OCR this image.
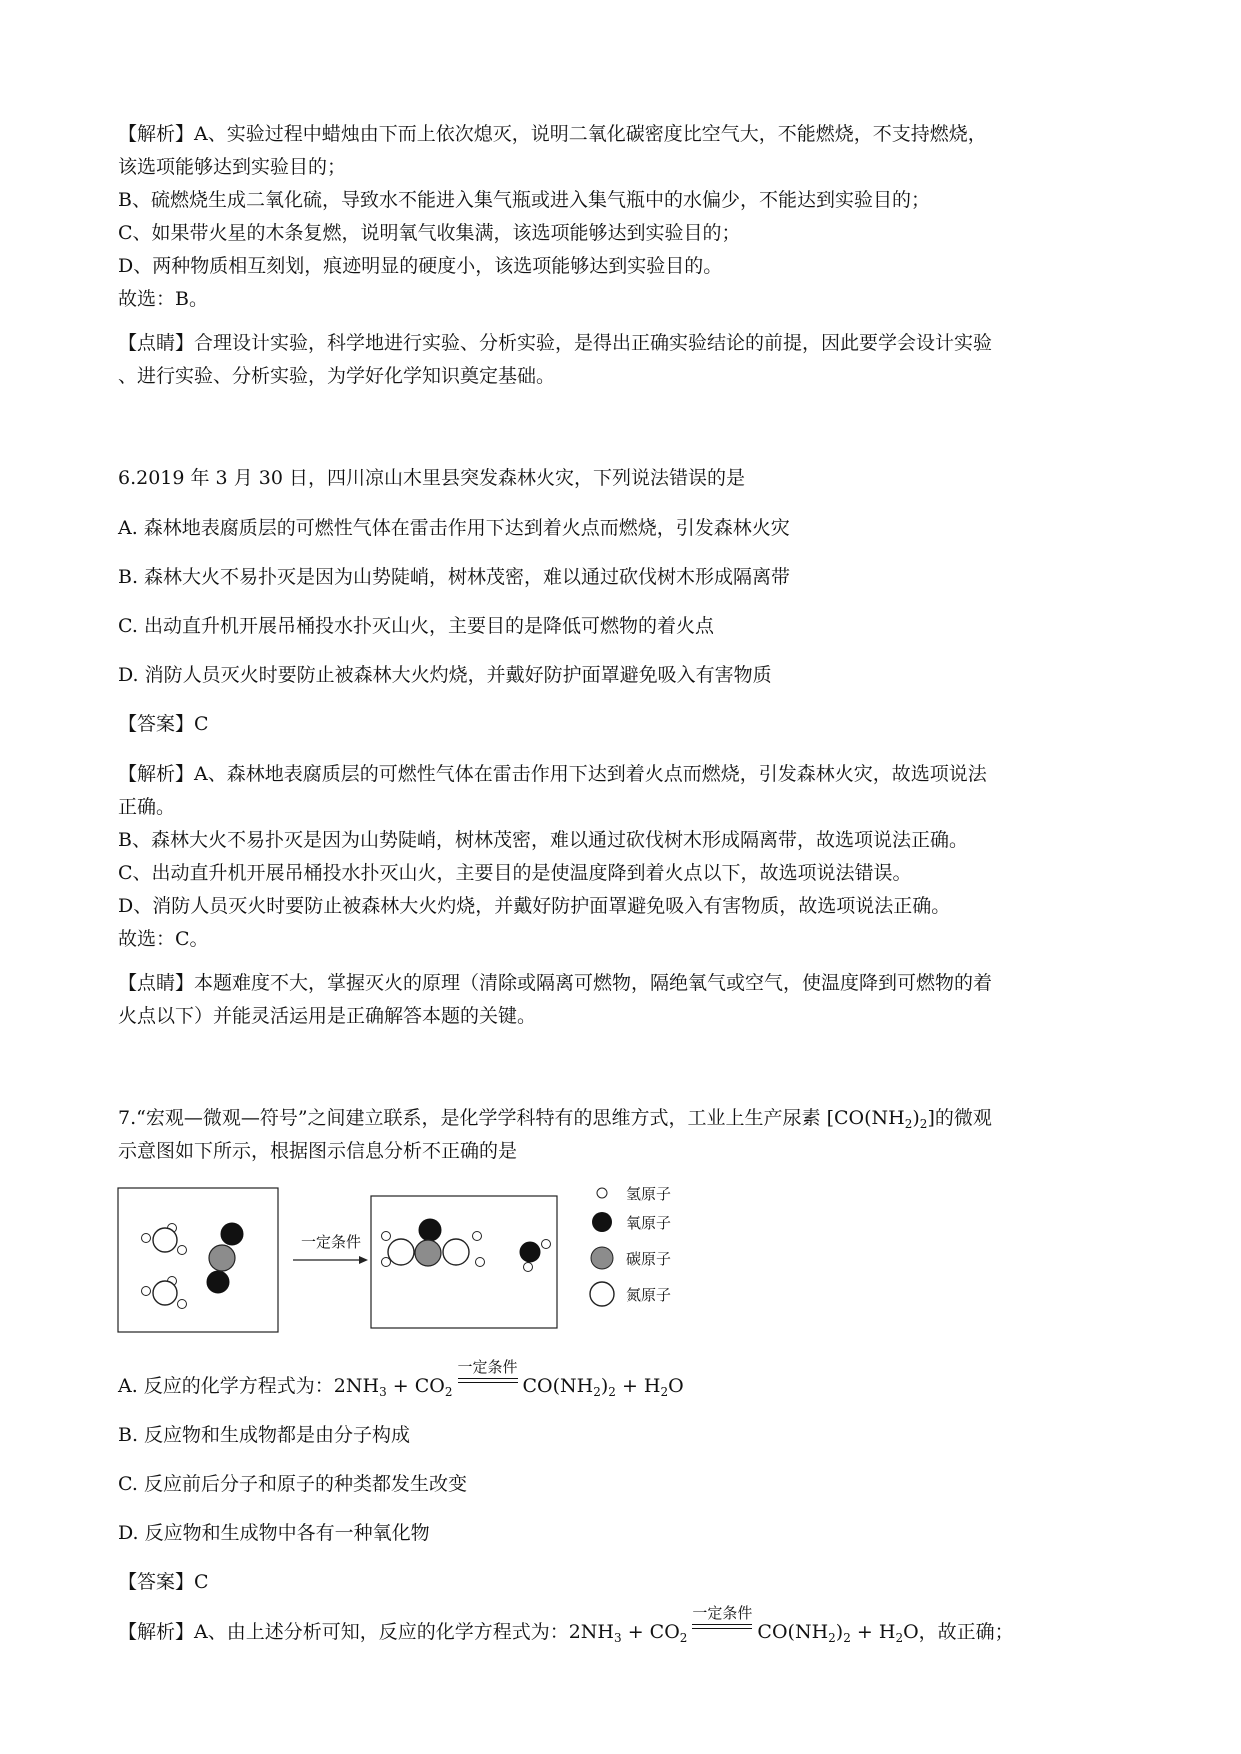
【解析】A、实验过程中蜡烛由下而上依次熄灭，说明二氧化碳密度比空气大，不能燃烧，不支持燃烧，

该选项能够达到实验目的；

B、硫燃烧生成二氧化硫，导致水不能进入集气瓶或进入集气瓶中的水偏少，不能达到实验目的；

C、如果带火星的木条复燃，说明氧气收集满，该选项能够达到实验目的；

D、两种物质相互刻划，痕迹明显的硬度小，该选项能够达到实验目的。

故选：B。

【点睛】合理设计实验，科学地进行实验、分析实验，是得出正确实验结论的前提，因此要学会设计实验

、进行实验、分析实验，为学好化学知识奠定基础。

6.2019 年 3 月 30 日，四川凉山木里县突发森林火灾，下列说法错误的是

A. 森林地表腐质层的可燃性气体在雷击作用下达到着火点而燃烧，引发森林火灾

B. 森林大火不易扑灭是因为山势陡峭，树林茂密，难以通过砍伐树木形成隔离带

C. 出动直升机开展吊桶投水扑灭山火，主要目的是降低可燃物的着火点

D. 消防人员灭火时要防止被森林大火灼烧，并戴好防护面罩避免吸入有害物质

【答案】C

【解析】A、森林地表腐质层的可燃性气体在雷击作用下达到着火点而燃烧，引发森林火灾，故选项说法

正确。

B、森林大火不易扑灭是因为山势陡峭，树林茂密，难以通过砍伐树木形成隔离带，故选项说法正确。

C、出动直升机开展吊桶投水扑灭山火，主要目的是使温度降到着火点以下，故选项说法错误。

D、消防人员灭火时要防止被森林大火灼烧，并戴好防护面罩避免吸入有害物质，故选项说法正确。

故选：C。

【点睛】本题难度不大，掌握灭火的原理（清除或隔离可燃物，隔绝氧气或空气，使温度降到可燃物的着

火点以下）并能灵活运用是正确解答本题的关键。

7.“宏观—微观—符号”之间建立联系，是化学学科特有的思维方式，工业上生产尿素 $[CO(NH_2)_2]$的微观

示意图如下所示，根据图示信息分析不正确的是

一定条件
氢原子
氧原子
碳原子
氮原子

A. 反应的化学方程式为：$2NH_3 + CO_2$
一定条件
$CO(NH_2)_2 + H_2O$

B. 反应物和生成物都是由分子构成

C. 反应前后分子和原子的种类都发生改变

D. 反应物和生成物中各有一种氧化物

【答案】C

【解析】A、由上述分析可知，反应的化学方程式为：$2NH_3 + CO_2$
一定条件
$CO(NH_2)_2 + H_2O$，故正确；
